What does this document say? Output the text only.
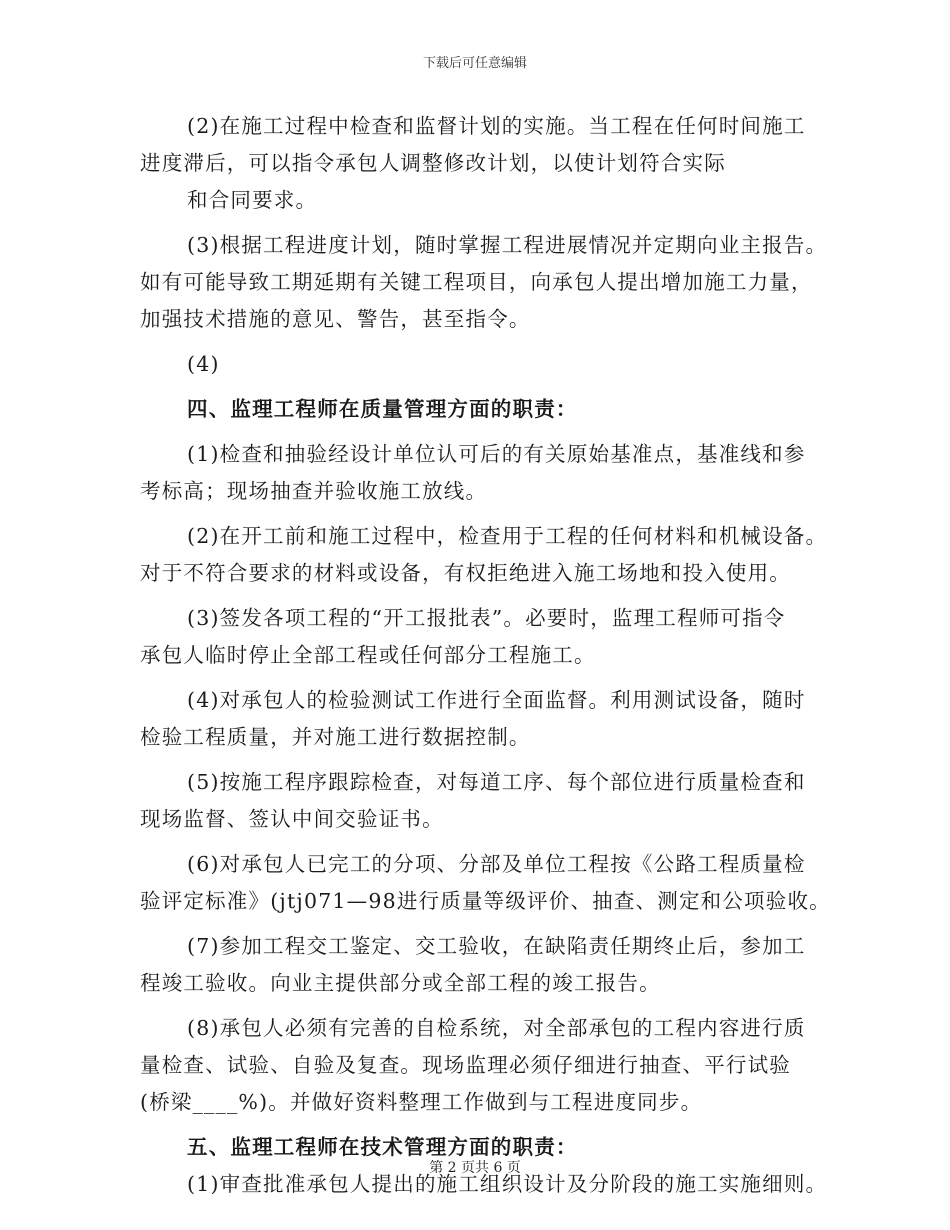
下载后可任意编辑
(2)在施工过程中检查和监督计划的实施。当工程在任何时间施工
进度滞后，可以指令承包人调整修改计划，以使计划符合实际
和合同要求。
(3)根据工程进度计划，随时掌握工程进展情况并定期向业主报告。
如有可能导致工期延期有关键工程项目，向承包人提出增加施工力量，
加强技术措施的意见、警告，甚至指令。
(4)
四、监理工程师在质量管理方面的职责：
(1)检查和抽验经设计单位认可后的有关原始基准点，基准线和参
考标高；现场抽查并验收施工放线。
(2)在开工前和施工过程中，检查用于工程的任何材料和机械设备。
对于不符合要求的材料或设备，有权拒绝进入施工场地和投入使用。
(3)签发各项工程的“开工报批表”。必要时，监理工程师可指令
承包人临时停止全部工程或任何部分工程施工。
(4)对承包人的检验测试工作进行全面监督。利用测试设备，随时
检验工程质量，并对施工进行数据控制。
(5)按施工程序跟踪检查，对每道工序、每个部位进行质量检查和
现场监督、签认中间交验证书。
(6)对承包人已完工的分项、分部及单位工程按《公路工程质量检
验评定标准》(jtj071—98进行质量等级评价、抽查、测定和公项验收。
(7)参加工程交工鉴定、交工验收，在缺陷责任期终止后，参加工
程竣工验收。向业主提供部分或全部工程的竣工报告。
(8)承包人必须有完善的自检系统，对全部承包的工程内容进行质
量检查、试验、自验及复查。现场监理必须仔细进行抽查、平行试验
(桥梁____%)。并做好资料整理工作做到与工程进度同步。
五、监理工程师在技术管理方面的职责：
(1)审查批准承包人提出的施工组织设计及分阶段的施工实施细则。
第 2 页共 6 页
